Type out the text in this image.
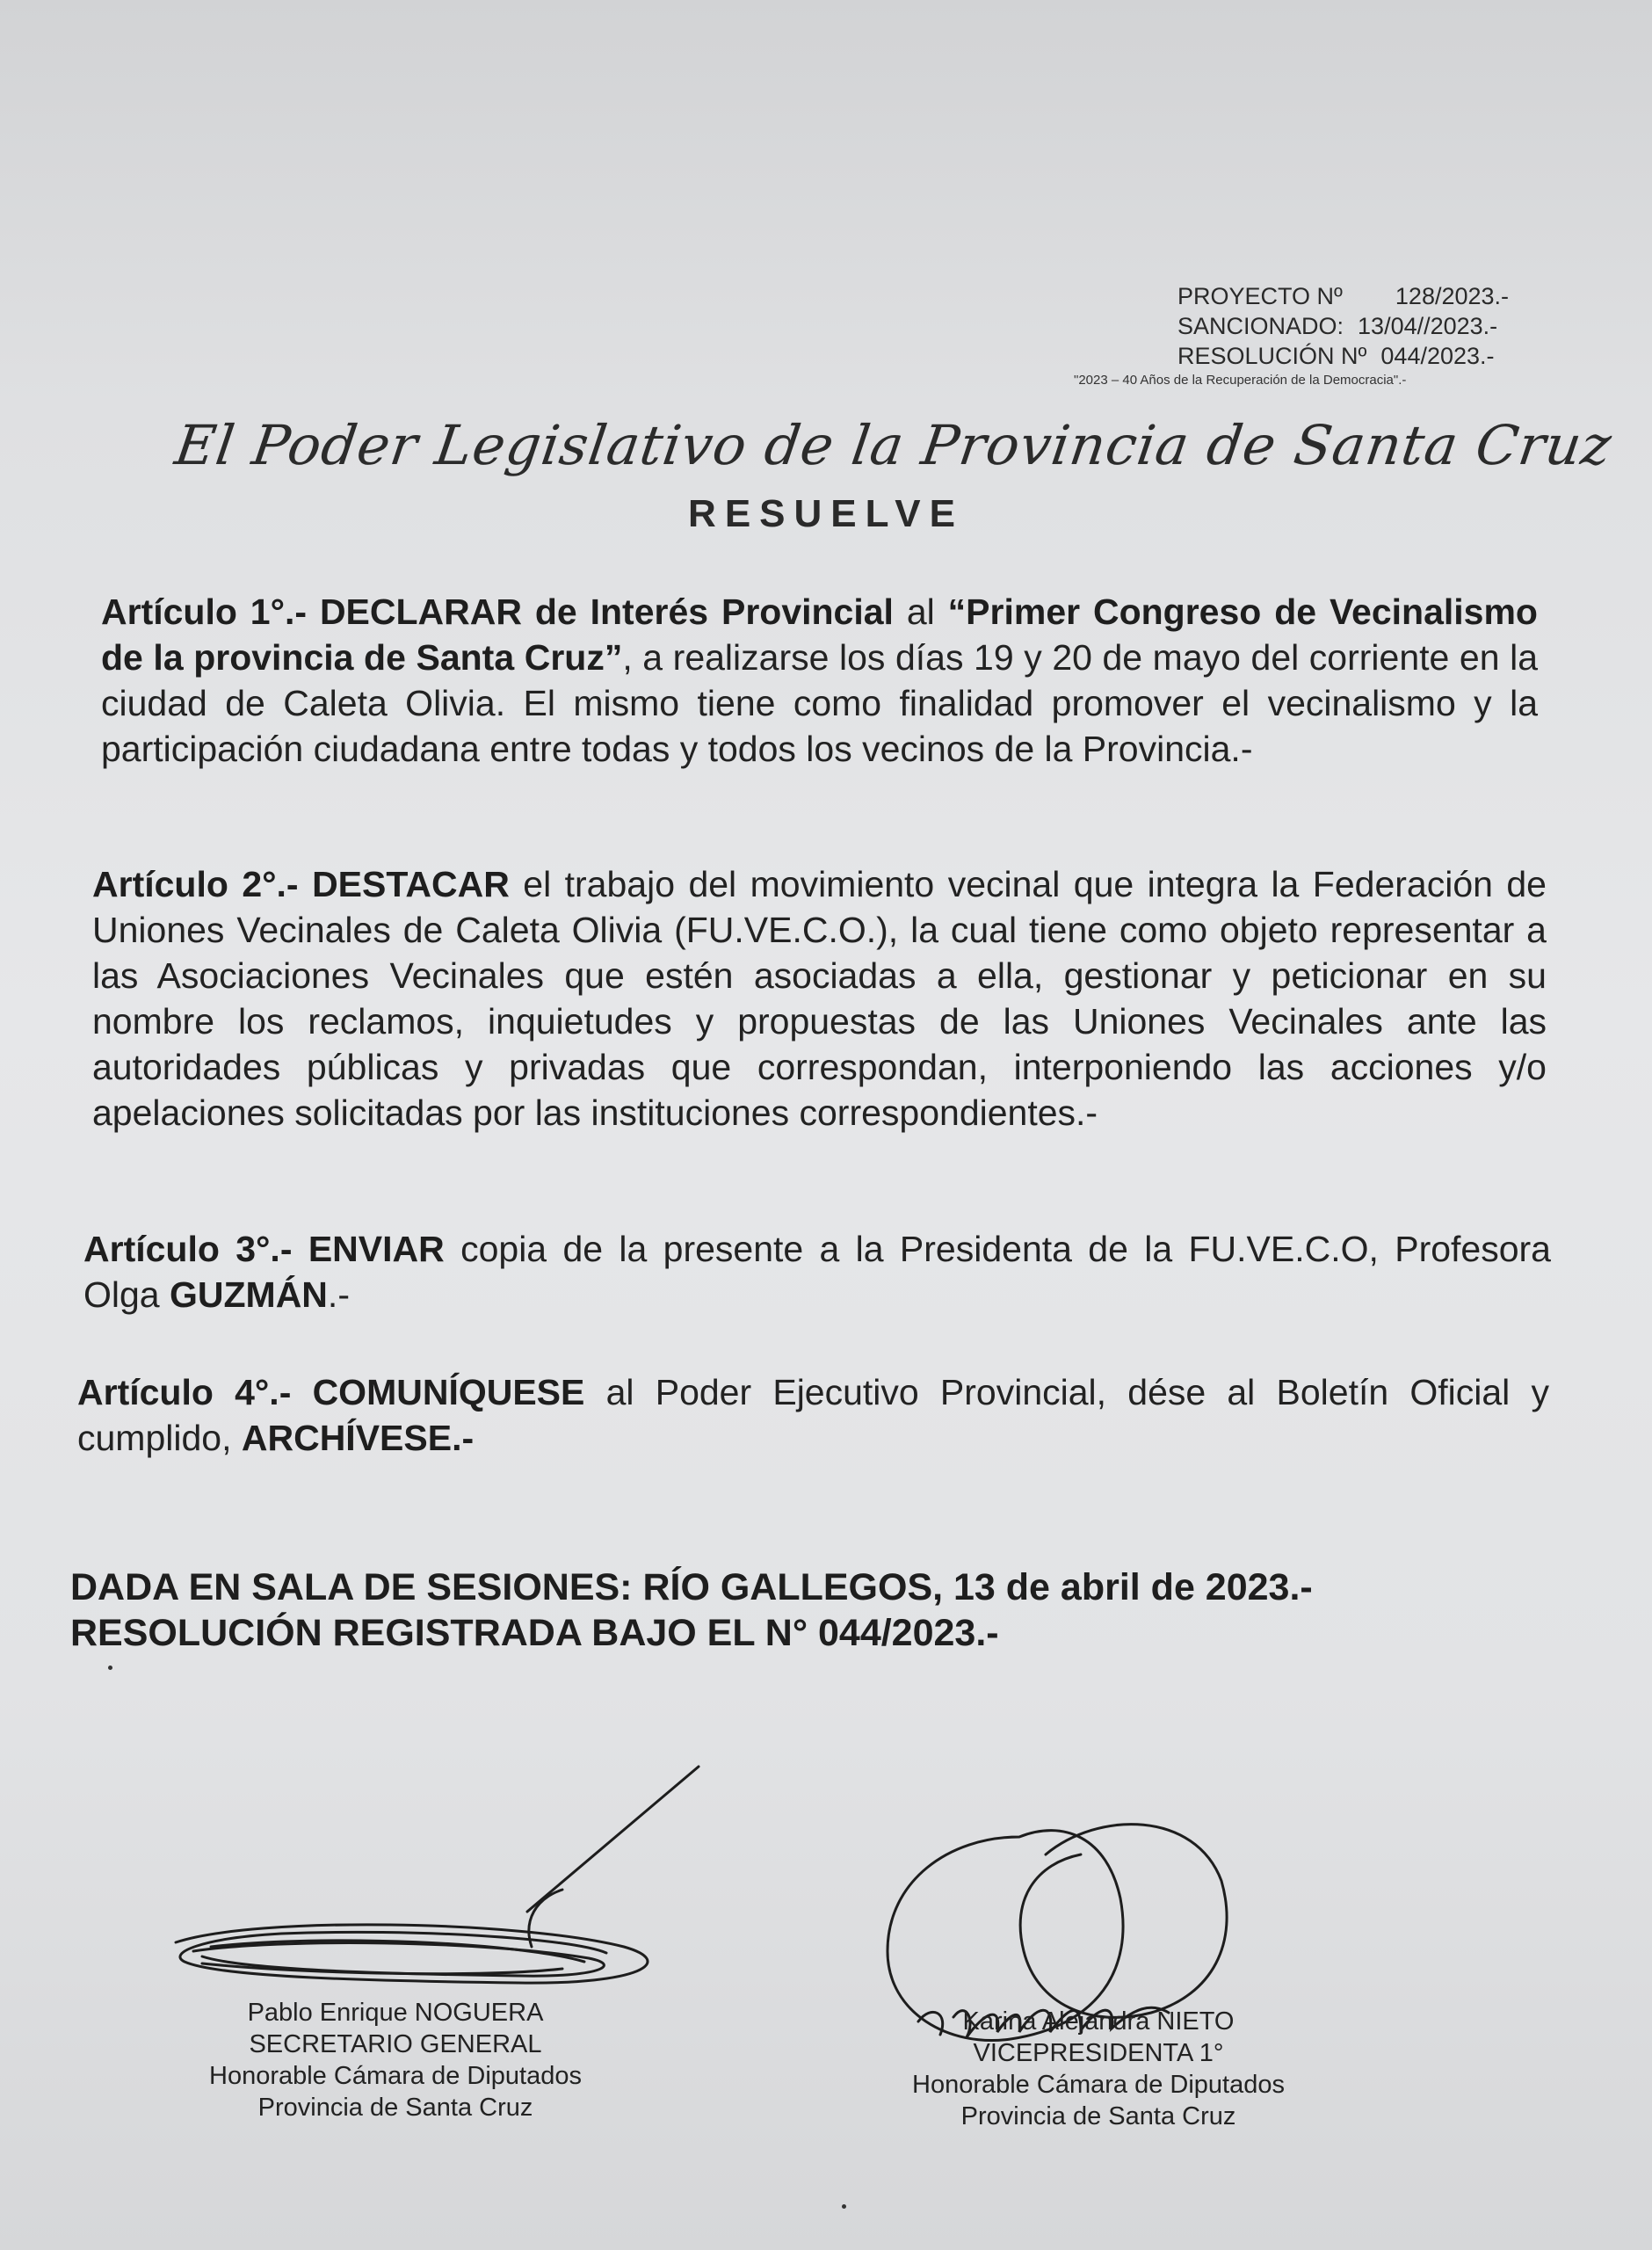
PROYECTO Nº 128/2023.-
SANCIONADO: 13/04//2023.-
RESOLUCIÓN Nº 044/2023.-
"2023 – 40 Años de la Recuperación de la Democracia".-
El Poder Legislativo de la Provincia de Santa Cruz
RESUELVE
Artículo 1°.- DECLARAR de Interés Provincial al “Primer Congreso de Vecinalismo de la provincia de Santa Cruz”, a realizarse los días 19 y 20 de mayo del corriente en la ciudad de Caleta Olivia. El mismo tiene como finalidad promover el vecinalismo y la participación ciudadana entre todas y todos los vecinos de la Provincia.-
Artículo 2°.- DESTACAR el trabajo del movimiento vecinal que integra la Federación de Uniones Vecinales de Caleta Olivia (FU.VE.C.O.), la cual tiene como objeto representar a las Asociaciones Vecinales que estén asociadas a ella, gestionar y peticionar en su nombre los reclamos, inquietudes y propuestas de las Uniones Vecinales ante las autoridades públicas y privadas que correspondan, interponiendo las acciones y/o apelaciones solicitadas por las instituciones correspondientes.-
Artículo 3°.- ENVIAR copia de la presente a la Presidenta de la FU.VE.C.O, Profesora Olga GUZMÁN.-
Artículo 4°.- COMUNÍQUESE al Poder Ejecutivo Provincial, dése al Boletín Oficial y cumplido, ARCHÍVESE.-
DADA EN SALA DE SESIONES: RÍO GALLEGOS, 13 de abril de 2023.-
RESOLUCIÓN REGISTRADA BAJO EL N° 044/2023.-
Pablo Enrique NOGUERA
SECRETARIO GENERAL
Honorable Cámara de Diputados
Provincia de Santa Cruz
Karina Alejandra NIETO
VICEPRESIDENTA 1°
Honorable Cámara de Diputados
Provincia de Santa Cruz
